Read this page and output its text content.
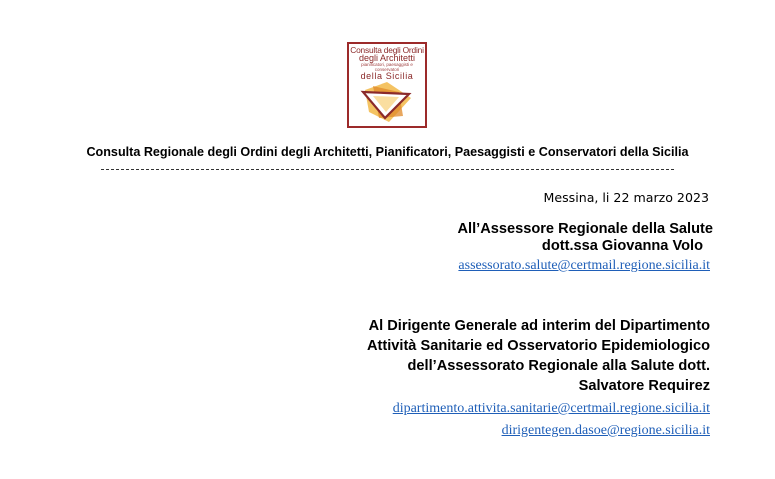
Consulta degli Ordini
degli Architetti
pianificatori, paesaggisti e conservatori
della Sicilia
Consulta Regionale degli Ordini degli Architetti, Pianificatori, Paesaggisti e Conservatori della Sicilia
Messina, li 22 marzo 2023
All’Assessore Regionale della Salute
dott.ssa Giovanna Volo
assessorato.salute@certmail.regione.sicilia.it
Al Dirigente Generale ad interim del Dipartimento
Attività Sanitarie ed Osservatorio Epidemiologico
dell’Assessorato Regionale alla Salute dott.
Salvatore Requirez
dipartimento.attivita.sanitarie@certmail.regione.sicilia.it
dirigentegen.dasoe@regione.sicilia.it
